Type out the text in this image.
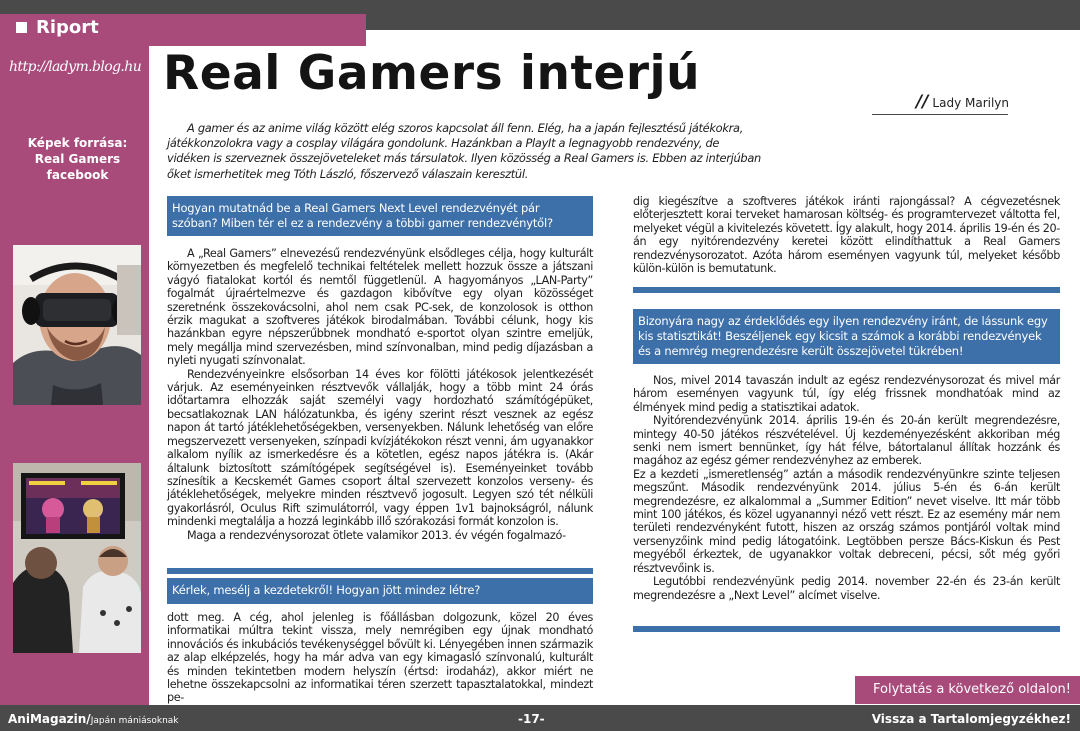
Riport
http://ladym.blog.hu
Képek forrása:
Real Gamers facebook
Real Gamers interjú
// Lady Marilyn
A gamer és az anime világ között elég szoros kapcsolat áll fenn. Elég, ha a japán fejlesztésű játékokra, játékkonzolokra vagy a cosplay világára gondolunk. Hazánkban a PlayIt a legnagyobb rendezvény, de vidéken is szerveznek összejöveteleket más társulatok. Ilyen közösség a Real Gamers is. Ebben az interjúban őket ismerhetitek meg Tóth László, főszervező válaszain keresztül.
Hogyan mutatnád be a Real Gamers Next Level rendezvényét pár szóban? Miben tér el ez a rendezvény a többi gamer rendezvénytől?

A „Real Gamers” elnevezésű rendezvényünk elsődleges célja, hogy kulturált környezetben és megfelelő technikai feltételek mellett hozzuk össze a játszani vágyó fiatalokat kortól és nemtől függetlenül. A hagyományos „LAN-Party” fogalmát újraértelmezve és gazdagon kibővítve egy olyan közösséget szeretnénk összekovácsolni, ahol nem csak PC-sek, de konzolosok is otthon érzik magukat a szoftveres játékok birodalmában. További célunk, hogy kis hazánkban egyre népszerűbbnek mondható e-sportot olyan szintre emeljük, mely megállja mind szervezésben, mind színvonalban, mind pedig díjazásban a nyleti nyugati színvonalat.

Rendezvényeinkre elsősorban 14 éves kor fölötti játékosok jelentkezését várjuk. Az eseményeinken résztvevők vállalják, hogy a több mint 24 órás időtartamra elhozzák saját személyi vagy hordozható számítógépüket, becsatlakoznak LAN hálózatunkba, és igény szerint részt vesznek az egész napon át tartó játéklehetőségekben, versenyekben. Nálunk lehetőség van előre megszervezett versenyeken, színpadi kvízjátékokon részt venni, ám ugyanakkor alkalom nyílik az ismerkedésre és a kötetlen, egész napos játékra is. (Akár általunk biztosított számítógépek segítségével is). Eseményeinket tovább színesítik a Kecskemét Games csoport által szervezett konzolos verseny- és játéklehetőségek, melyekre minden résztvevő jogosult. Legyen szó tét nélküli gyakorlásról, Oculus Rift szimulátorról, vagy éppen 1v1 bajnokságról, nálunk mindenki megtalálja a hozzá leginkább illő szórakozási formát konzolon is.

Maga a rendezvénysorozat ötlete valamikor 2013. év végén fogalmazó-

Kérlek, mesélj a kezdetekről! Hogyan jött mindez létre?

dott meg. A cég, ahol jelenleg is főállásban dolgozunk, közel 20 éves informatikai múltra tekint vissza, mely nemrégiben egy újnak mondható innovációs és inkubációs tevékenységgel bővült ki. Lényegében innen származik az alap elképzelés, hogy ha már adva van egy kimagasló színvonalú, kulturált és minden tekintetben modern helyszín (értsd: irodaház), akkor miért ne lehetne összekapcsolni az informatikai téren szerzett tapasztalatokkal, mindezt pe-

dig kiegészítve a szoftveres játékok iránti rajongással? A cégvezetésnek előterjesztett korai terveket hamarosan költség- és programtervezet váltotta fel, melyeket végül a kivitelezés követett. Így alakult, hogy 2014. április 19-én és 20-án egy nyitórendezvény keretei között elindíthattuk a Real Gamers rendezvénysorozatot. Azóta három eseményen vagyunk túl, melyeket később külön-külön is bemutatunk.

Bizonyára nagy az érdeklődés egy ilyen rendezvény iránt, de lássunk egy kis statisztikát! Beszéljenek egy kicsit a számok a korábbi rendezvények és a nemrég megrendezésre került összejövetel tükrében!

Nos, mivel 2014 tavaszán indult az egész rendezvénysorozat és mivel már három eseményen vagyunk túl, így elég frissnek mondhatóak mind az élmények mind pedig a statisztikai adatok.

Nyitórendezvényünk 2014. április 19-én és 20-án került megrendezésre, mintegy 40-50 játékos részvételével. Új kezdeményezésként akkoriban még senki nem ismert bennünket, így hát félve, bátortalanul állítak hozzánk és magához az egész gémer rendezvényhez az emberek.

Ez a kezdeti „ismeretlenség” aztán a második rendezvényünkre szinte teljesen megszűnt. Második rendezvényünk 2014. július 5-én és 6-án került megrendezésre, ez alkalommal a „Summer Edition” nevet viselve. Itt már több mint 100 játékos, és közel ugyanannyi néző vett részt. Ez az esemény már nem területi rendezvényként futott, hiszen az ország számos pontjáról voltak mind versenyzőink mind pedig látogatóink. Legtöbben persze Bács-Kiskun és Pest megyéből érkeztek, de ugyanakkor voltak debreceni, pécsi, sőt még győri résztvevőink is.

Legutóbbi rendezvényünk pedig 2014. november 22-én és 23-án került megrendezésre a „Next Level” alcímet viselve.

Folytatás a következő oldalon!
AniMagazin/Japán mániásoknak	-17-	Vissza a Tartalomjegyzékhez!
